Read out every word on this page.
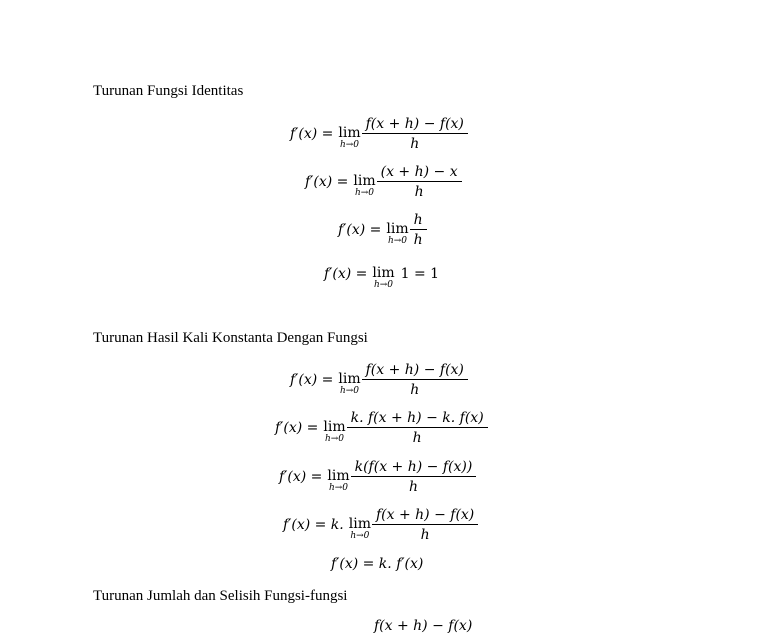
Turunan Fungsi Identitas
f′(x) = lim
$h\to 0 \frac{f(x + h) - f(x)}{h}$
f′(x) = lim
$h\to 0 \frac{(x + h) - x}{h}$
f′(x) = lim
$h\to 0 \frac{h}{h}$
f′(x) = lim
h→0
1 = 1
Turunan Hasil Kali Konstanta Dengan Fungsi
f′(x) = lim
$h\to 0 \frac{f(x + h) - f(x)}{h}$
f′(x) = lim
$h\to 0 \frac{k. f(x + h) - k. f(x)}{h}$
f′(x) = lim
$h\to 0 \frac{k(f(x + h) - f(x))}{h}$
f′(x) = k. lim
$h\to 0 \frac{f(x + h) - f(x)}{h}$
f′(x) = k. f′(x)
Turunan Jumlah dan Selisih Fungsi-fungsi
f(x + h) − f(x)
